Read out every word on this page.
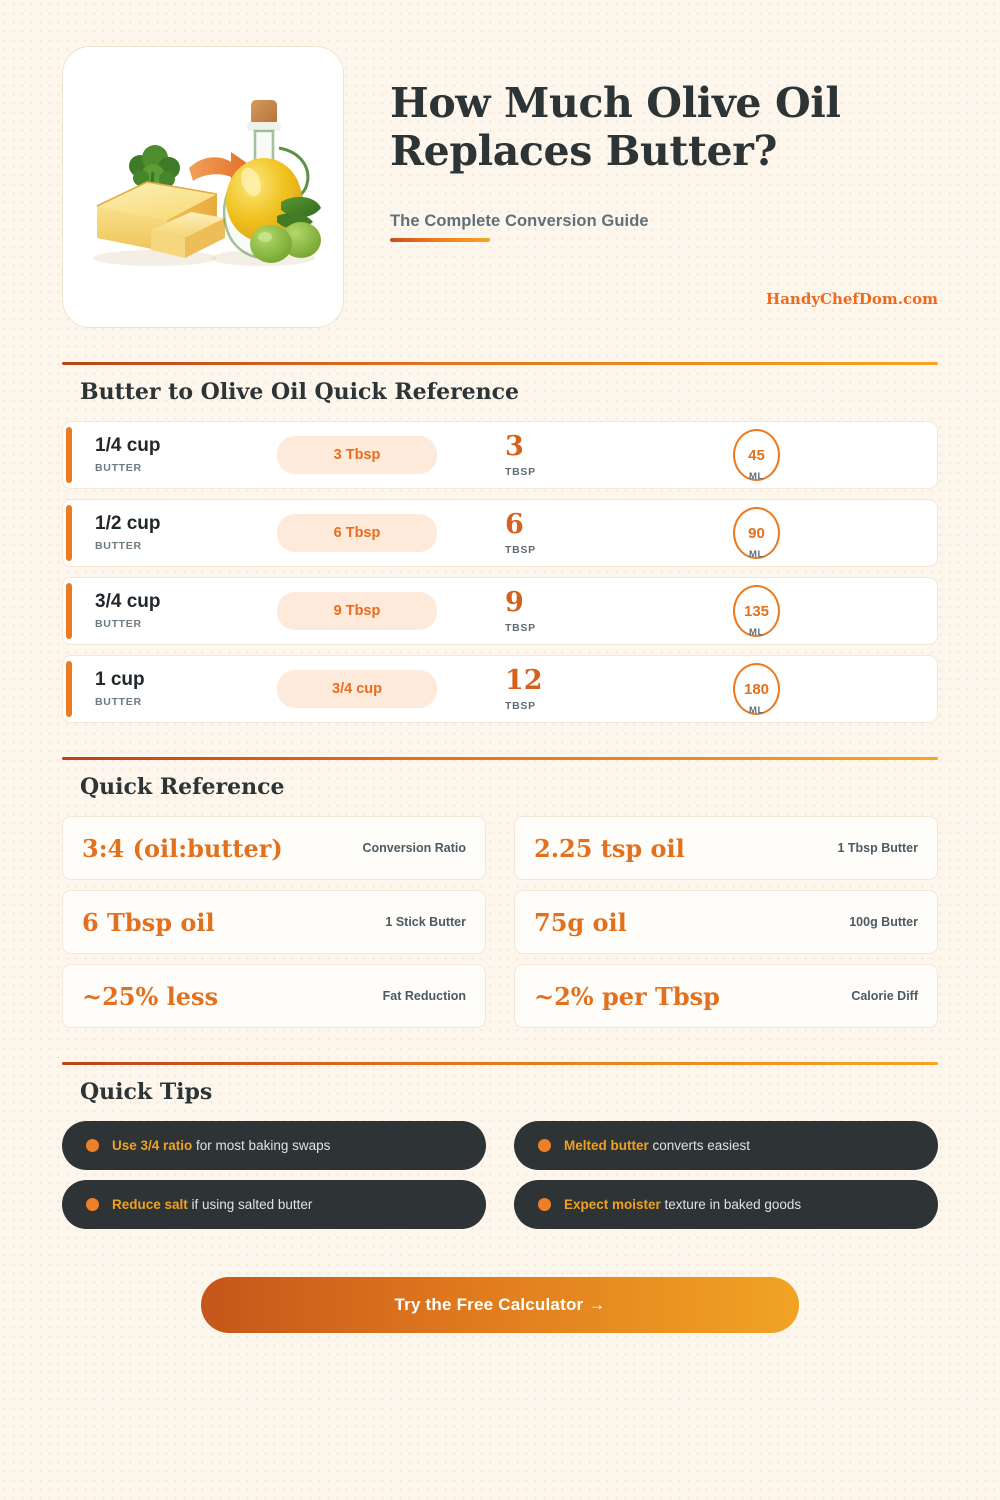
How Much Olive Oil
Replaces Butter?
The Complete Conversion Guide
HandyChefDom.com
Butter to Olive Oil Quick Reference
1/4 cup
BUTTER
3 Tbsp	3
TBSP
45
ML
1/2 cup
BUTTER
6 Tbsp	6
TBSP
90
ML
3/4 cup
BUTTER
9 Tbsp	9
TBSP
135
ML
1 cup
BUTTER
3/4 cup	12
TBSP
180
ML
Quick Reference
3:4 (oil:butter)	Conversion Ratio	2.25 tsp oil	1 Tbsp Butter
6 Tbsp oil	1 Stick Butter	75g oil	100g Butter
~25% less	Fat Reduction	~2% per Tbsp	Calorie Diff
Quick Tips
Use 3/4 ratio for most baking swaps	Melted butter converts easiest
Reduce salt if using salted butter	Expect moister texture in baked goods
Try the Free Calculator →
